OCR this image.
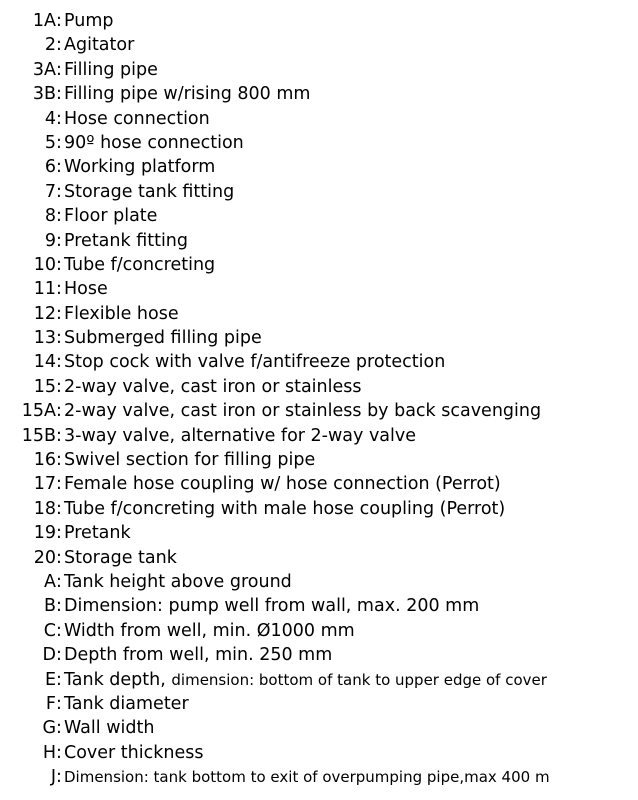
1A : Pump
2 : Agitator
3A : Filling pipe
3B : Filling pipe w/rising 800 mm
4 : Hose connection
5 : 90º hose connection
6 : Working platform
7 : Storage tank fitting
8 : Floor plate
9 : Pretank fitting
10 : Tube f/concreting
11 : Hose
12 : Flexible hose
13 : Submerged filling pipe
14 : Stop cock with valve f/antifreeze protection
15 : 2-way valve, cast iron or stainless
15A : 2-way valve, cast iron or stainless by back scavenging
15B : 3-way valve, alternative for 2-way valve
16 : Swivel section for filling pipe
17 : Female hose coupling w/ hose connection (Perrot)
18 : Tube f/concreting with male hose coupling (Perrot)
19 : Pretank
20 : Storage tank
A : Tank height above ground
B : Dimension: pump well from wall, max. 200 mm
C : Width from well, min. Ø1000 mm
D : Depth from well, min. 250 mm
E : Tank depth, dimension: bottom of tank to upper edge of cover
F : Tank diameter
G : Wall width
H : Cover thickness
J : Dimension: tank bottom to exit of overpumping pipe,max 400 m
